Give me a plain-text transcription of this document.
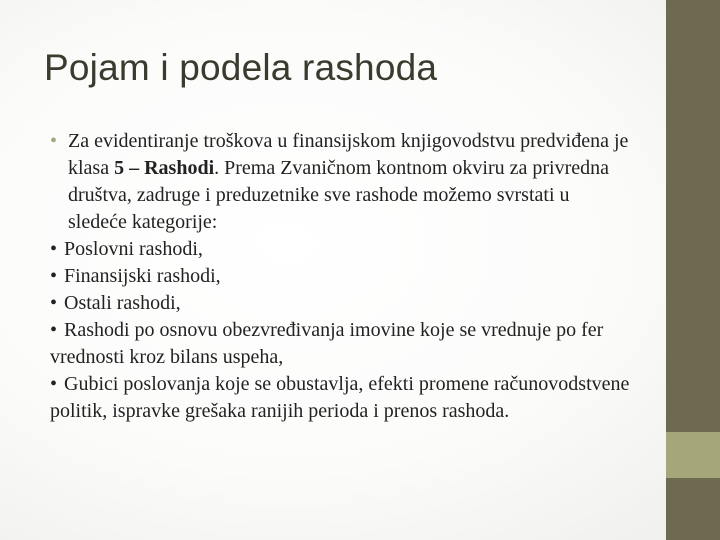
Pojam i podela rashoda

• Za evidentiranje troškova u finansijskom knjigovodstvu predviđena je klasa 5 – Rashodi. Prema Zvaničnom kontnom okviru za privredna društva, zadruge i preduzetnike sve rashode možemo svrstati u sledeće kategorije:

• Poslovni rashodi,

• Finansijski rashodi,

• Ostali rashodi,

• Rashodi po osnovu obezvređivanja imovine koje se vrednuje po fer vrednosti kroz bilans uspeha,

• Gubici poslovanja koje se obustavlja, efekti promene računovodstvene politik, ispravke grešaka ranijih perioda i prenos rashoda.
